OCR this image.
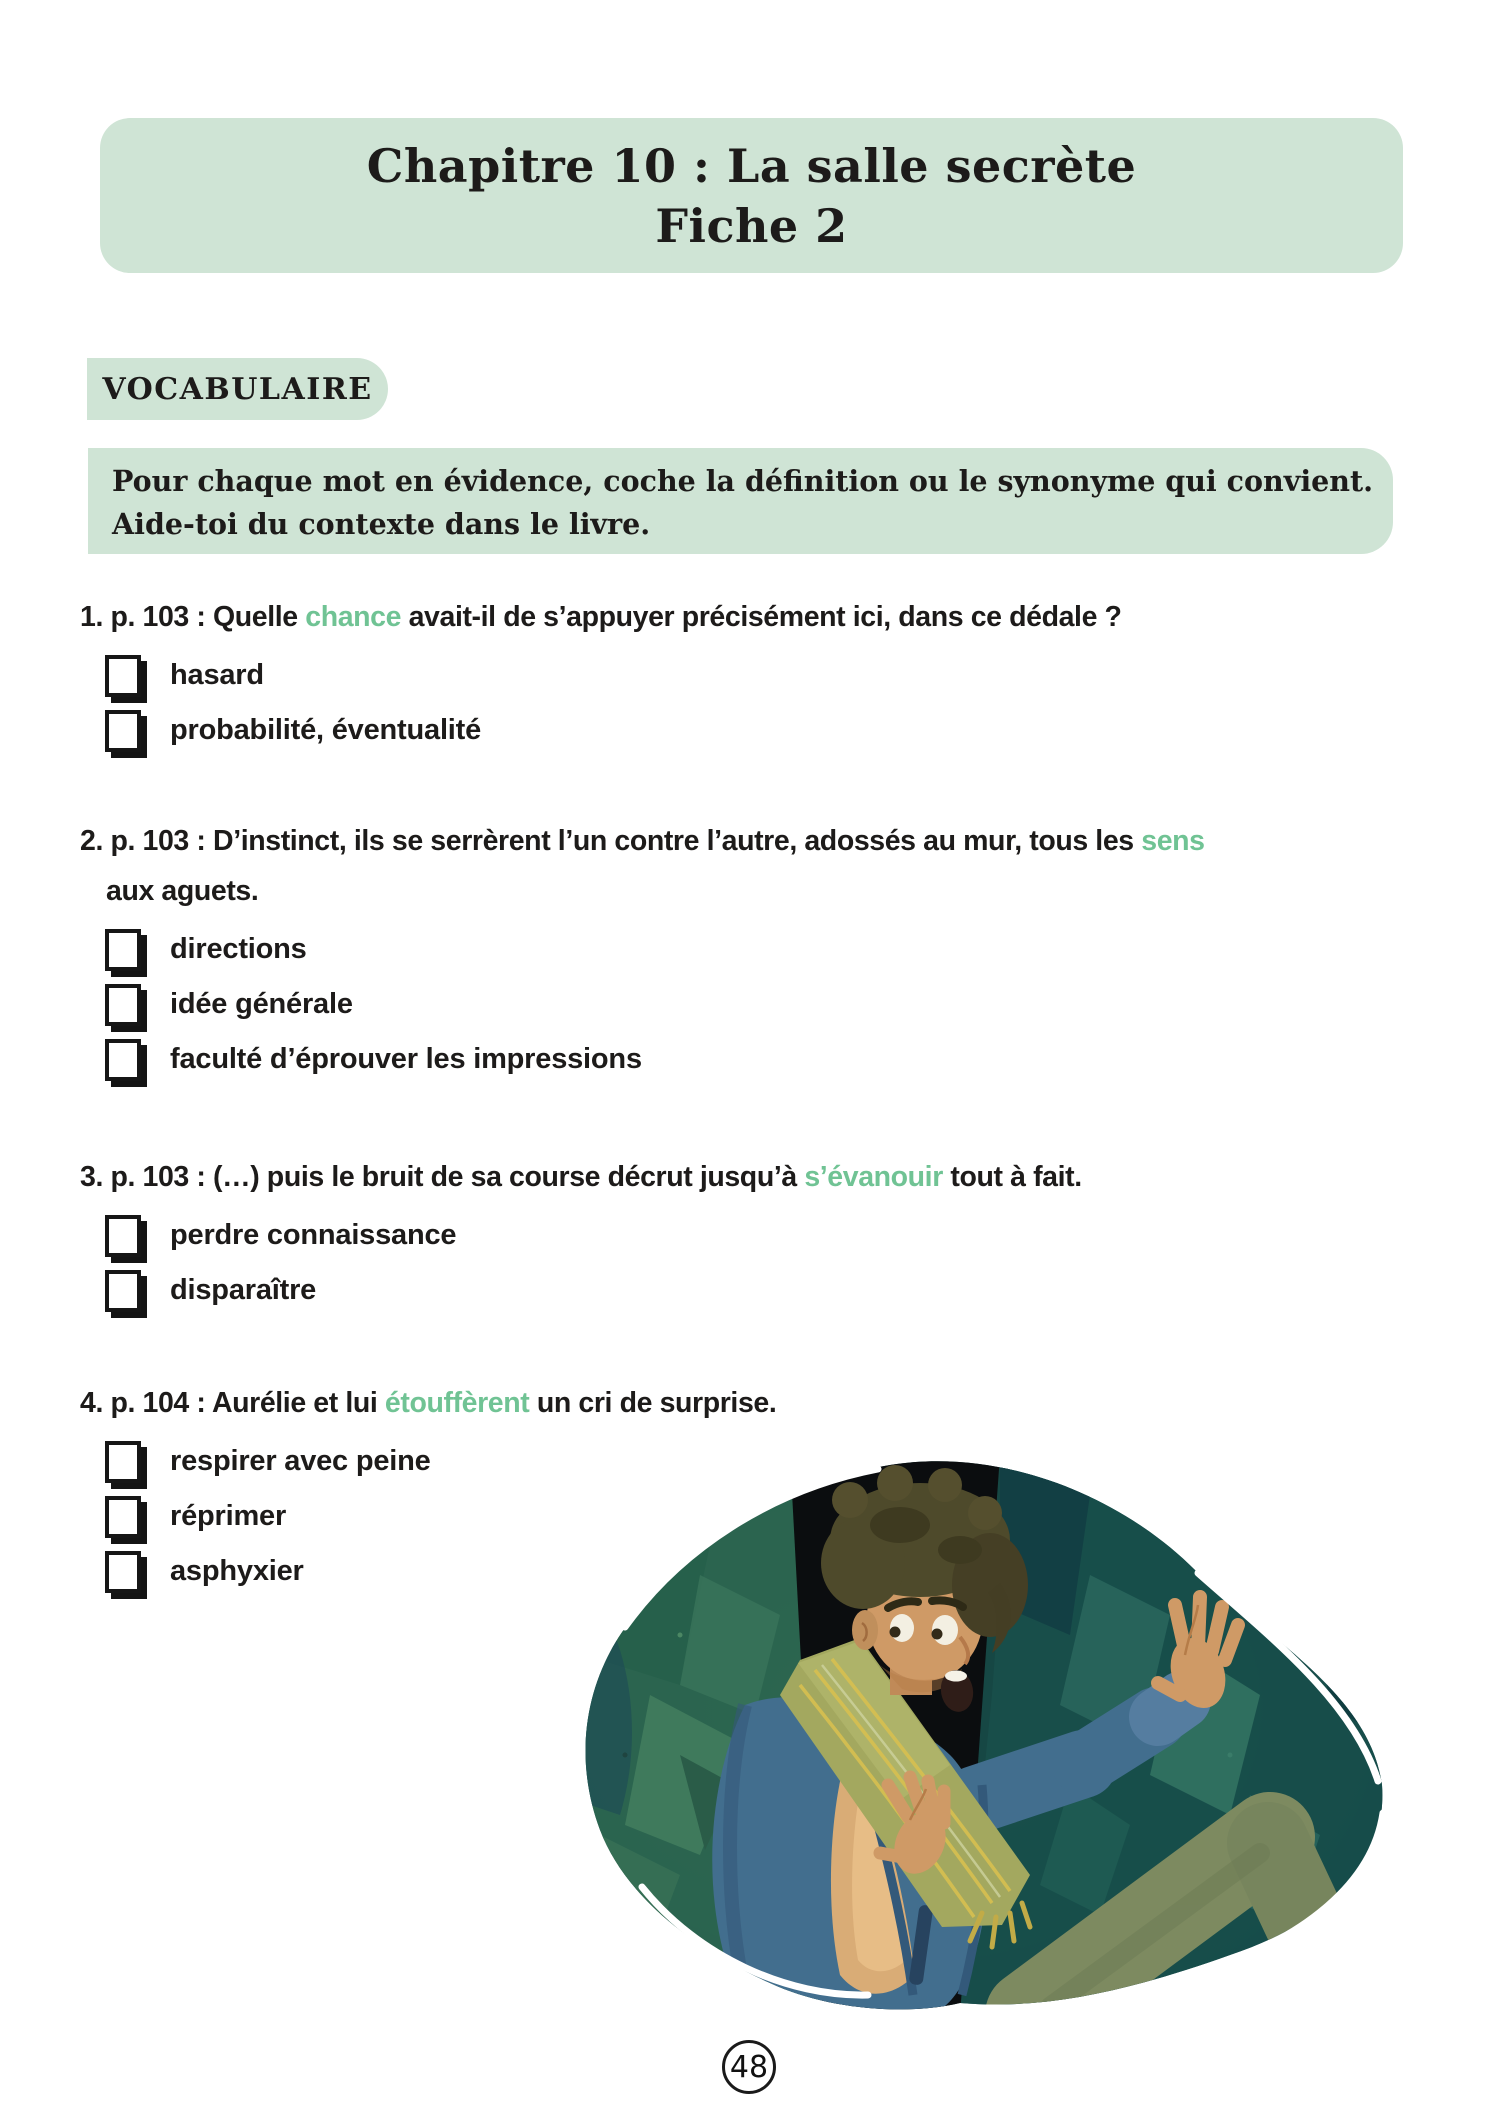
Chapitre 10 : La salle secrète
Fiche 2
VOCABULAIRE
Pour chaque mot en évidence, coche la définition ou le synonyme qui convient.
Aide-toi du contexte dans le livre.
1. p. 103 : Quelle chance avait-il de s’appuyer précisément ici, dans ce dédale ?
hasard
probabilité, éventualité
2. p. 103 : D’instinct, ils se serrèrent l’un contre l’autre, adossés au mur, tous les sens
aux aguets.
directions
idée générale
faculté d’éprouver les impressions
3. p. 103 : (…) puis le bruit de sa course décrut jusqu’à s’évanouir tout à fait.
perdre connaissance
disparaître
4. p. 104 : Aurélie et lui étouffèrent un cri de surprise.
respirer avec peine
réprimer
asphyxier
48
